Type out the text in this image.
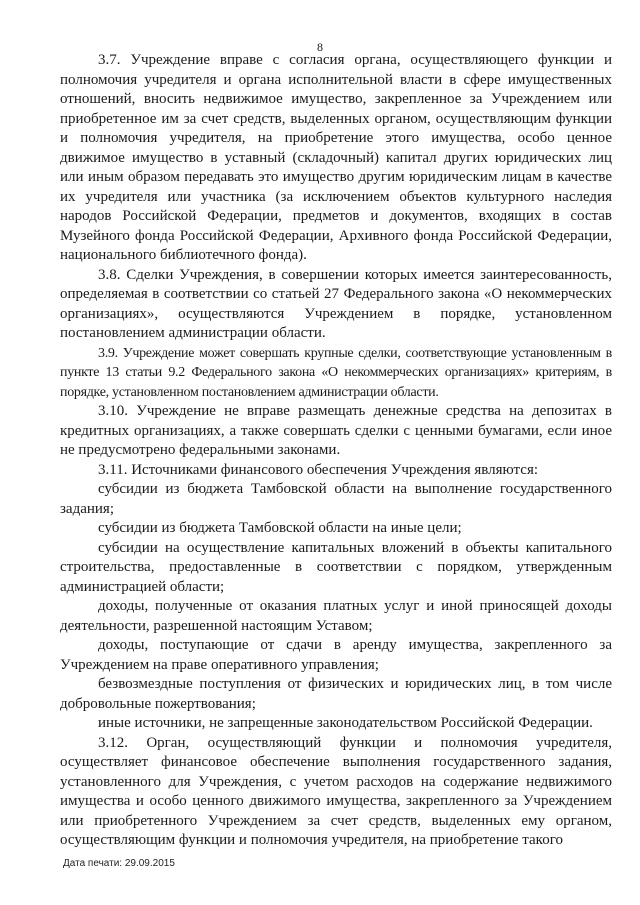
8

3.7. Учреждение вправе с согласия органа, осуществляющего функции и полномочия учредителя и органа исполнительной власти в сфере имущественных отношений, вносить недвижимое имущество, закрепленное за Учреждением или приобретенное им за счет средств, выделенных органом, осуществляющим функции и полномочия учредителя, на приобретение этого имущества, особо ценное движимое имущество в уставный (складочный) капитал других юридических лиц или иным образом передавать это имущество другим юридическим лицам в качестве их учредителя или участника (за исключением объектов культурного наследия народов Российской Федерации, предметов и документов, входящих в состав Музейного фонда Российской Федерации, Архивного фонда Российской Федерации, национального библиотечного фонда).

3.8. Сделки Учреждения, в совершении которых имеется заинтересованность, определяемая в соответствии со статьей 27 Федерального закона «О некоммерческих организациях», осуществляются Учреждением в порядке, установленном постановлением администрации области.

3.9. Учреждение может совершать крупные сделки, соответствующие установленным в пункте 13 статьи 9.2 Федерального закона «О некоммерческих организациях» критериям, в порядке, установленном постановлением администрации области.

3.10. Учреждение не вправе размещать денежные средства на депозитах в кредитных организациях, а также совершать сделки с ценными бумагами, если иное не предусмотрено федеральными законами.

3.11. Источниками финансового обеспечения Учреждения являются:

субсидии из бюджета Тамбовской области на выполнение государственного задания;

субсидии из бюджета Тамбовской области на иные цели;

субсидии на осуществление капитальных вложений в объекты капитального строительства, предоставленные в соответствии с порядком, утвержденным администрацией области;

доходы, полученные от оказания платных услуг и иной приносящей доходы деятельности, разрешенной настоящим Уставом;

доходы, поступающие от сдачи в аренду имущества, закрепленного за Учреждением на праве оперативного управления;

безвозмездные поступления от физических и юридических лиц, в том числе добровольные пожертвования;

иные источники, не запрещенные законодательством Российской Федерации.

3.12. Орган, осуществляющий функции и полномочия учредителя, осуществляет финансовое обеспечение выполнения государственного задания, установленного для Учреждения, с учетом расходов на содержание недвижимого имущества и особо ценного движимого имущества, закрепленного за Учреждением или приобретенного Учреждением за счет средств, выделенных ему органом, осуществляющим функции и полномочия учредителя, на приобретение такого

Дата печати: 29.09.2015
